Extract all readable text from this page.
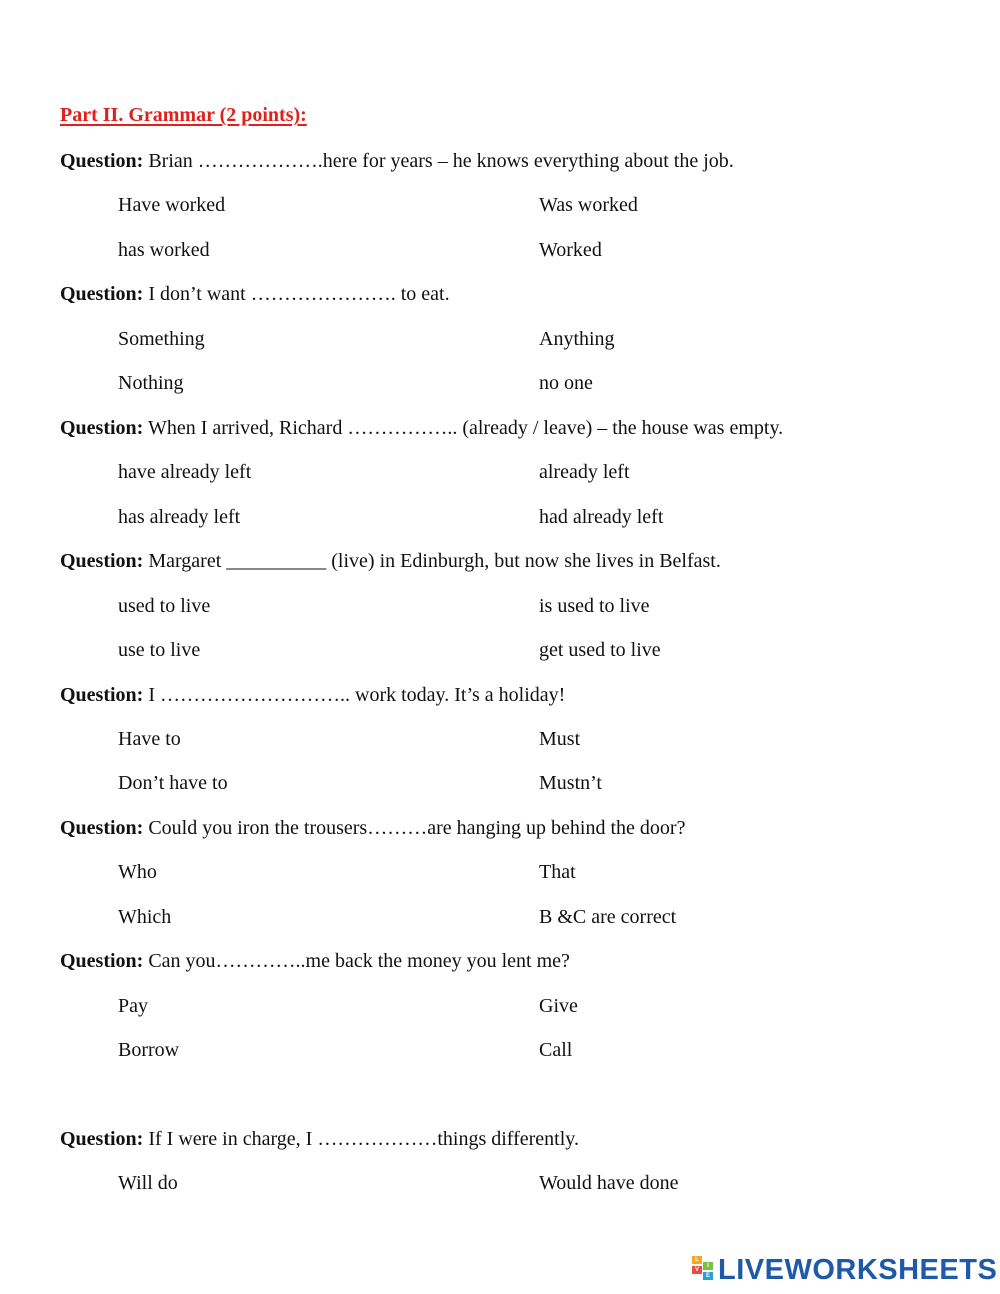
Part II. Grammar (2 points):
Question: Brian ……………….here for years – he knows everything about the job.
Have worked	Was worked
has worked	Worked
Question: I don’t want …………………. to eat.
Something	Anything
Nothing	no one
Question: When I arrived, Richard …………….. (already / leave) – the house was empty.
have already left	already left
has already left	had already left
Question: Margaret __________ (live) in Edinburgh, but now she lives in Belfast.
used to live	is used to live
use to live	get used to live
Question: I ……………………….. work today. It’s a holiday!
Have to	Must
Don’t have to	Mustn’t
Question: Could you iron the trousers………are hanging up behind the door?
Who	That
Which	B &C are correct
Question: Can you…………..me back the money you lent me?
Pay	Give
Borrow	Call
Question: If I were in charge, I ………………things differently.
Will do	Would have done
L
I
V
E LIVEWORKSHEETS
